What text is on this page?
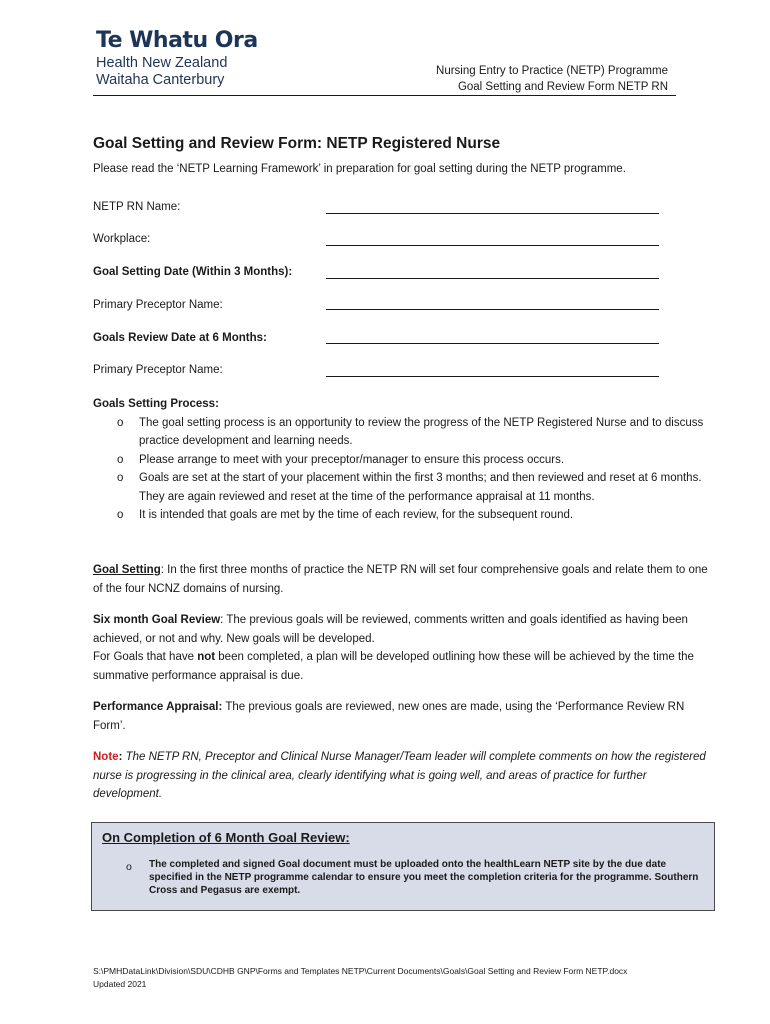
Te Whatu Ora
Health New Zealand
Waitaha Canterbury
Nursing Entry to Practice (NETP) Programme
Goal Setting and Review Form NETP RN
Goal Setting and Review Form: NETP Registered Nurse
Please read the ‘NETP Learning Framework’ in preparation for goal setting during the NETP programme.
NETP RN Name:
Workplace:
Goal Setting Date (Within 3 Months):
Primary Preceptor Name:
Goals Review Date at 6 Months:
Primary Preceptor Name:
Goals Setting Process:
o The goal setting process is an opportunity to review the progress of the NETP Registered Nurse and to discuss practice development and learning needs.
o Please arrange to meet with your preceptor/manager to ensure this process occurs.
o Goals are set at the start of your placement within the first 3 months; and then reviewed and reset at 6 months. They are again reviewed and reset at the time of the performance appraisal at 11 months.
o It is intended that goals are met by the time of each review, for the subsequent round.
Goal Setting: In the first three months of practice the NETP RN will set four comprehensive goals and relate them to one of the four NCNZ domains of nursing.
Six month Goal Review: The previous goals will be reviewed, comments written and goals identified as having been achieved, or not and why. New goals will be developed.
For Goals that have not been completed, a plan will be developed outlining how these will be achieved by the time the summative performance appraisal is due.
Performance Appraisal: The previous goals are reviewed, new ones are made, using the ‘Performance Review RN Form’.
Note: The NETP RN, Preceptor and Clinical Nurse Manager/Team leader will complete comments on how the registered nurse is progressing in the clinical area, clearly identifying what is going well, and areas of practice for further development.
On Completion of 6 Month Goal Review:
o The completed and signed Goal document must be uploaded onto the healthLearn NETP site by the due date specified in the NETP programme calendar to ensure you meet the completion criteria for the programme. Southern Cross and Pegasus are exempt.
S:\PMHDataLink\Division\SDU\CDHB GNP\Forms and Templates NETP\Current Documents\Goals\Goal Setting and Review Form NETP.docx
Updated 2021
